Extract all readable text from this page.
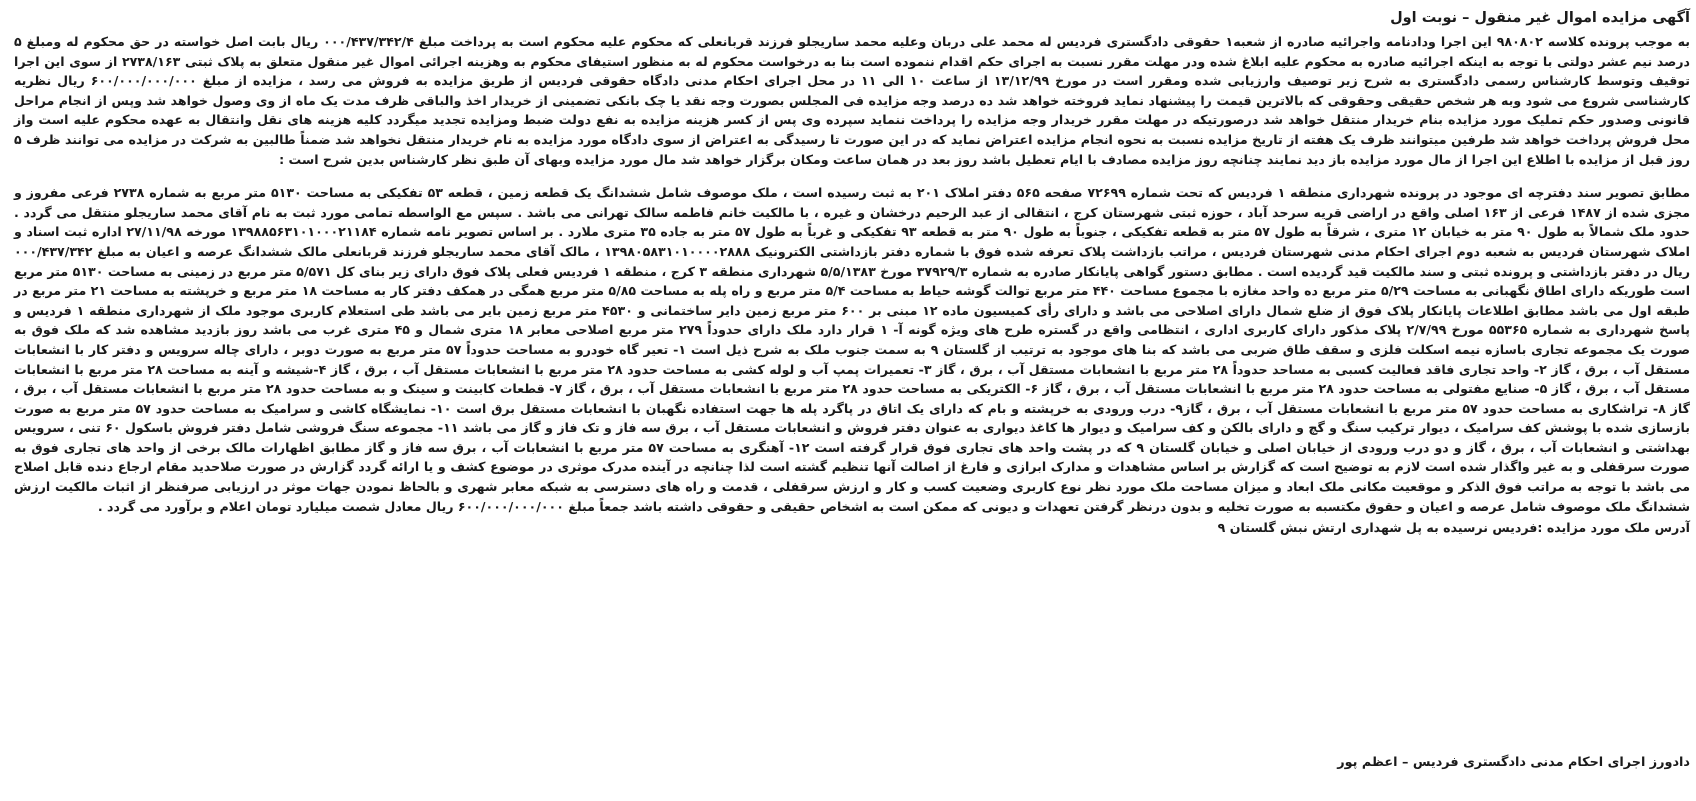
آگهی مزایده اموال غیر منقول – نوبت اول

به موجب پرونده کلاسه ۹۸۰۸۰۲ این اجرا ودادنامه واجرائیه صادره از شعبه۱ حقوقی دادگستری فردیس له محمد علی دربان وعلیه محمد ساریجلو فرزند قربانعلی که محکوم علیه محکوم است به پرداخت مبلغ ۰۰۰/۴۳۷/۳۴۲/۴ ریال بابت اصل خواسته در حق محکوم له ومبلغ ۵ درصد نیم عشر دولتی با توجه به اینکه اجرائیه صادره به محکوم علیه ابلاغ شده ودر مهلت مقرر نسبت به اجرای حکم اقدام ننموده است بنا به درخواست محکوم له به منظور استیفای محکوم به وهزینه اجرائی اموال غیر منقول متعلق به پلاک ثبتی ۲۷۳۸/۱۶۳ از سوی این اجرا توقیف وتوسط کارشناس رسمی دادگستری به شرح زیر توصیف وارزیابی شده ومقرر است در مورخ ۱۳/۱۲/۹۹ از ساعت ۱۰ الی ۱۱ در محل اجرای احکام مدنی دادگاه حقوقی فردیس از طریق مزایده به فروش می رسد ، مزایده از مبلغ ۶۰۰/۰۰۰/۰۰۰/۰۰۰ ریال نظریه کارشناسی شروع می شود وبه هر شخص حقیقی وحقوقی که بالاترین قیمت را پیشنهاد نماید فروخته خواهد شد ده درصد وجه مزایده فی المجلس بصورت وجه نقد یا چک بانکی تضمینی از خریدار اخذ والباقی ظرف مدت یک ماه از وی وصول خواهد شد وپس از انجام مراحل قانونی وصدور حکم تملیک مورد مزایده بنام خریدار منتقل خواهد شد درصورتیکه در مهلت مقرر خریدار وجه مزایده را پرداخت ننمايد سپرده وی پس از کسر هزینه مزایده به نفع دولت ضبط ومزایده تجدید میگردد کلیه هزینه های نقل وانتقال به عهده محکوم علیه است واز محل فروش پرداخت خواهد شد طرفین میتوانند ظرف یک هفته از تاریخ مزایده نسبت به نحوه انجام مزایده اعتراض نماید که در این صورت تا رسیدگی به اعتراض از سوی دادگاه مورد مزایده به نام خریدار منتقل نخواهد شد ضمناً طالبین به شرکت در مزایده می توانند ظرف ۵ روز قبل از مزایده با اطلاع این اجرا از مال مورد مزایده باز دید نمایند چنانچه روز مزایده مصادف با ایام تعطیل باشد روز بعد در همان ساعت ومکان برگزار خواهد شد مال مورد مزایده وبهای آن طبق نظر کارشناس بدین شرح است :

مطابق تصویر سند دفترچه ای موجود در پرونده شهرداری منطقه ۱ فردیس که تحت شماره ۷۲۶۹۹ صفحه ۵۶۵ دفتر املاک ۲۰۱ به ثبت رسیده است ، ملک موصوف شامل ششدانگ یک قطعه زمین ، قطعه ۵۳ تفکیکی به مساحت ۵۱۳۰ متر مربع به شماره ۲۷۳۸ فرعی مفروز و مجزی شده از ۱۴۸۷ فرعی از ۱۶۳ اصلی واقع در اراضی قریه سرحد آباد ، حوزه ثبتی شهرستان کرج ، انتقالی از عبد الرحیم درخشان و غیره ، با مالکیت خانم فاطمه سالک تهرانی می باشد . سپس مع الواسطه تمامی مورد ثبت به نام آقای محمد ساریجلو منتقل می گردد . حدود ملک شمالاً به طول ۹۰ متر به خیابان ۱۲ متری ، شرقاً به طول ۵۷ متر به قطعه تفکیکی ، جنوباً به طول ۹۰ متر به قطعه ۹۳ تفکیکی و غرباً به طول ۵۷ متر به جاده ۳۵ متری ملارد . بر اساس تصویر نامه شماره ۱۳۹۸۸۵۶۳۱۰۱۰۰۰۲۱۱۸۴ مورخه ۲۷/۱۱/۹۸ اداره ثبت اسناد و املاک شهرستان فردیس به شعبه دوم اجرای احکام مدنی شهرستان فردیس ، مراتب بازداشت پلاک تعرفه شده فوق با شماره دفتر بازداشتی الکترونیک ۱۳۹۸۰۵۸۳۱۰۱۰۰۰۰۲۸۸۸ ، مالک آقای محمد ساریجلو فرزند قربانعلی مالک ششدانگ عرصه و اعیان به مبلغ ۰۰۰/۴۳۷/۳۴۲ ریال در دفتر بازداشتی و پرونده ثبتی و سند مالکیت قید گردیده است . مطابق دستور گواهی پایانکار صادره به شماره ۳۷۹۲۹/۳ مورخ ۵/۵/۱۳۸۳ شهرداری منطقه ۳ کرج ، منطقه ۱ فردیس فعلی پلاک فوق دارای زیر بنای کل ۵/۵۷۱ متر مربع در زمینی به مساحت ۵۱۳۰ متر مربع است طوریکه دارای اطاق نگهبانی به مساحت ۵/۲۹ متر مربع ده واحد مغازه با مجموع مساحت ۴۴۰ متر مربع توالت گوشه حیاط به مساحت ۵/۴ متر مربع و راه پله به مساحت ۵/۸۵ متر مربع همگی در همکف دفتر کار به مساحت ۱۸ متر مربع و خرپشته به مساحت ۲۱ متر مربع در طبقه اول می باشد مطابق اطلاعات پایانکار پلاک فوق از ضلع شمال دارای اصلاحی می باشد و دارای رأی کمیسیون ماده ۱۲ مبنی بر ۶۰۰ متر مربع زمین دایر ساختمانی و ۴۵۳۰ متر مربع زمین بایر می باشد طی استعلام کاربری موجود ملک از شهرداری منطقه ۱ فردیس و پاسخ شهرداری به شماره ۵۵۳۶۵ مورخ ۲/۷/۹۹ پلاک مذکور دارای کاربری اداری ، انتظامی واقع در گستره طرح های ویژه گونه آ- ۱ قرار دارد ملک دارای حدوداً ۲۷۹ متر مربع اصلاحی معابر ۱۸ متری شمال و ۴۵ متری غرب می باشد روز بازدید مشاهده شد که ملک فوق به صورت یک مجموعه تجاری باسازه نیمه اسکلت فلزی و سقف طاق ضربی می باشد که بنا های موجود به ترتیب از گلستان ۹ به سمت جنوب ملک به شرح ذیل است ۱- تعیر گاه خودرو به مساحت حدوداً ۵۷ متر مربع به صورت دوبر ، دارای چاله سرویس و دفتر کار با انشعابات مستقل آب ، برق ، گاز ۲- واحد تجاری فاقد فعالیت کسبی به مساحد حدوداً ۲۸ متر مربع با انشعابات مستقل آب ، برق ، گاز ۳- تعمیرات پمپ آب و لوله کشی به مساحت حدود ۲۸ متر مربع با انشعابات مستقل آب ، برق ، گاز ۴-شیشه و آینه به مساحت ۲۸ متر مربع با انشعابات مستقل آب ، برق ، گاز ۵- صنایع مفتولی به مساحت حدود ۲۸ متر مربع با انشعابات مستقل آب ، برق ، گاز ۶- الکتریکی به مساحت حدود ۲۸ متر مربع با انشعابات مستقل آب ، برق ، گاز ۷- قطعات کابینت و سینک و به مساحت حدود ۲۸ متر مربع با انشعابات مستقل آب ، برق ، گاز ۸- تراشکاری به مساحت حدود ۵۷ متر مربع با انشعابات مستقل آب ، برق ، گاز۹- درب ورودی به خرپشته و بام که دارای یک اتاق در پاگرد پله ها جهت استفاده نگهبان با انشعابات مستقل برق است ۱۰- نمایشگاه کاشی و سرامیک به مساحت حدود ۵۷ متر مربع به صورت بازسازی شده با پوشش کف سرامیک ، دیوار ترکیب سنگ و گچ و دارای بالکن و کف سرامیک و دیوار ها کاغذ دیواری به عنوان دفتر فروش و انشعابات مستقل آب ، برق سه فاز و تک فاز و گاز می باشد ۱۱- مجموعه سنگ فروشی شامل دفتر فروش باسکول ۶۰ تنی ، سرویس بهداشتی و انشعابات آب ، برق ، گاز و دو درب ورودی از خیابان اصلی و خیابان گلستان ۹ که در پشت واحد های تجاری فوق قرار گرفته است ۱۲- آهنگری به مساحت ۵۷ متر مربع با انشعابات آب ، برق سه فاز و گاز مطابق اظهارات مالک برخی از واحد های تجاری فوق به صورت سرقفلی و به غیر واگذار شده است لازم به توضیح است که گزارش بر اساس مشاهدات و مدارک ابرازی و فارغ از اصالت آنها تنظیم گشته است لذا چنانچه در آینده مدرک موثری در موضوع کشف و یا ارائه گردد گزارش در صورت صلاحدید مقام ارجاع دنده قابل اصلاح می باشد با توجه به مراتب فوق الذکر و موقعیت مکانی ملک ابعاد و میزان مساحت ملک مورد نظر نوع کاربری وضعیت کسب و کار و ارزش سرقفلی ، قدمت و راه های دسترسی به شبکه معابر شهری و بالحاظ نمودن جهات موثر در ارزیابی صرفنظر از اثبات مالکیت ارزش ششدانگ ملک موصوف شامل عرصه و اعیان و حقوق مکتسبه به صورت تخلیه و بدون درنظر گرفتن تعهدات و دیونی که ممکن است به اشخاص حقیقی و حقوقی داشته باشد جمعاً مبلغ ۶۰۰/۰۰۰/۰۰۰/۰۰۰ ریال معادل شصت میلیارد تومان اعلام و برآورد می گردد .

آدرس ملک مورد مزایده :فردیس نرسیده به پل شهداری ارتش نبش گلستان ۹

دادورز اجرای احکام مدنی دادگستری فردیس – اعظم پور
